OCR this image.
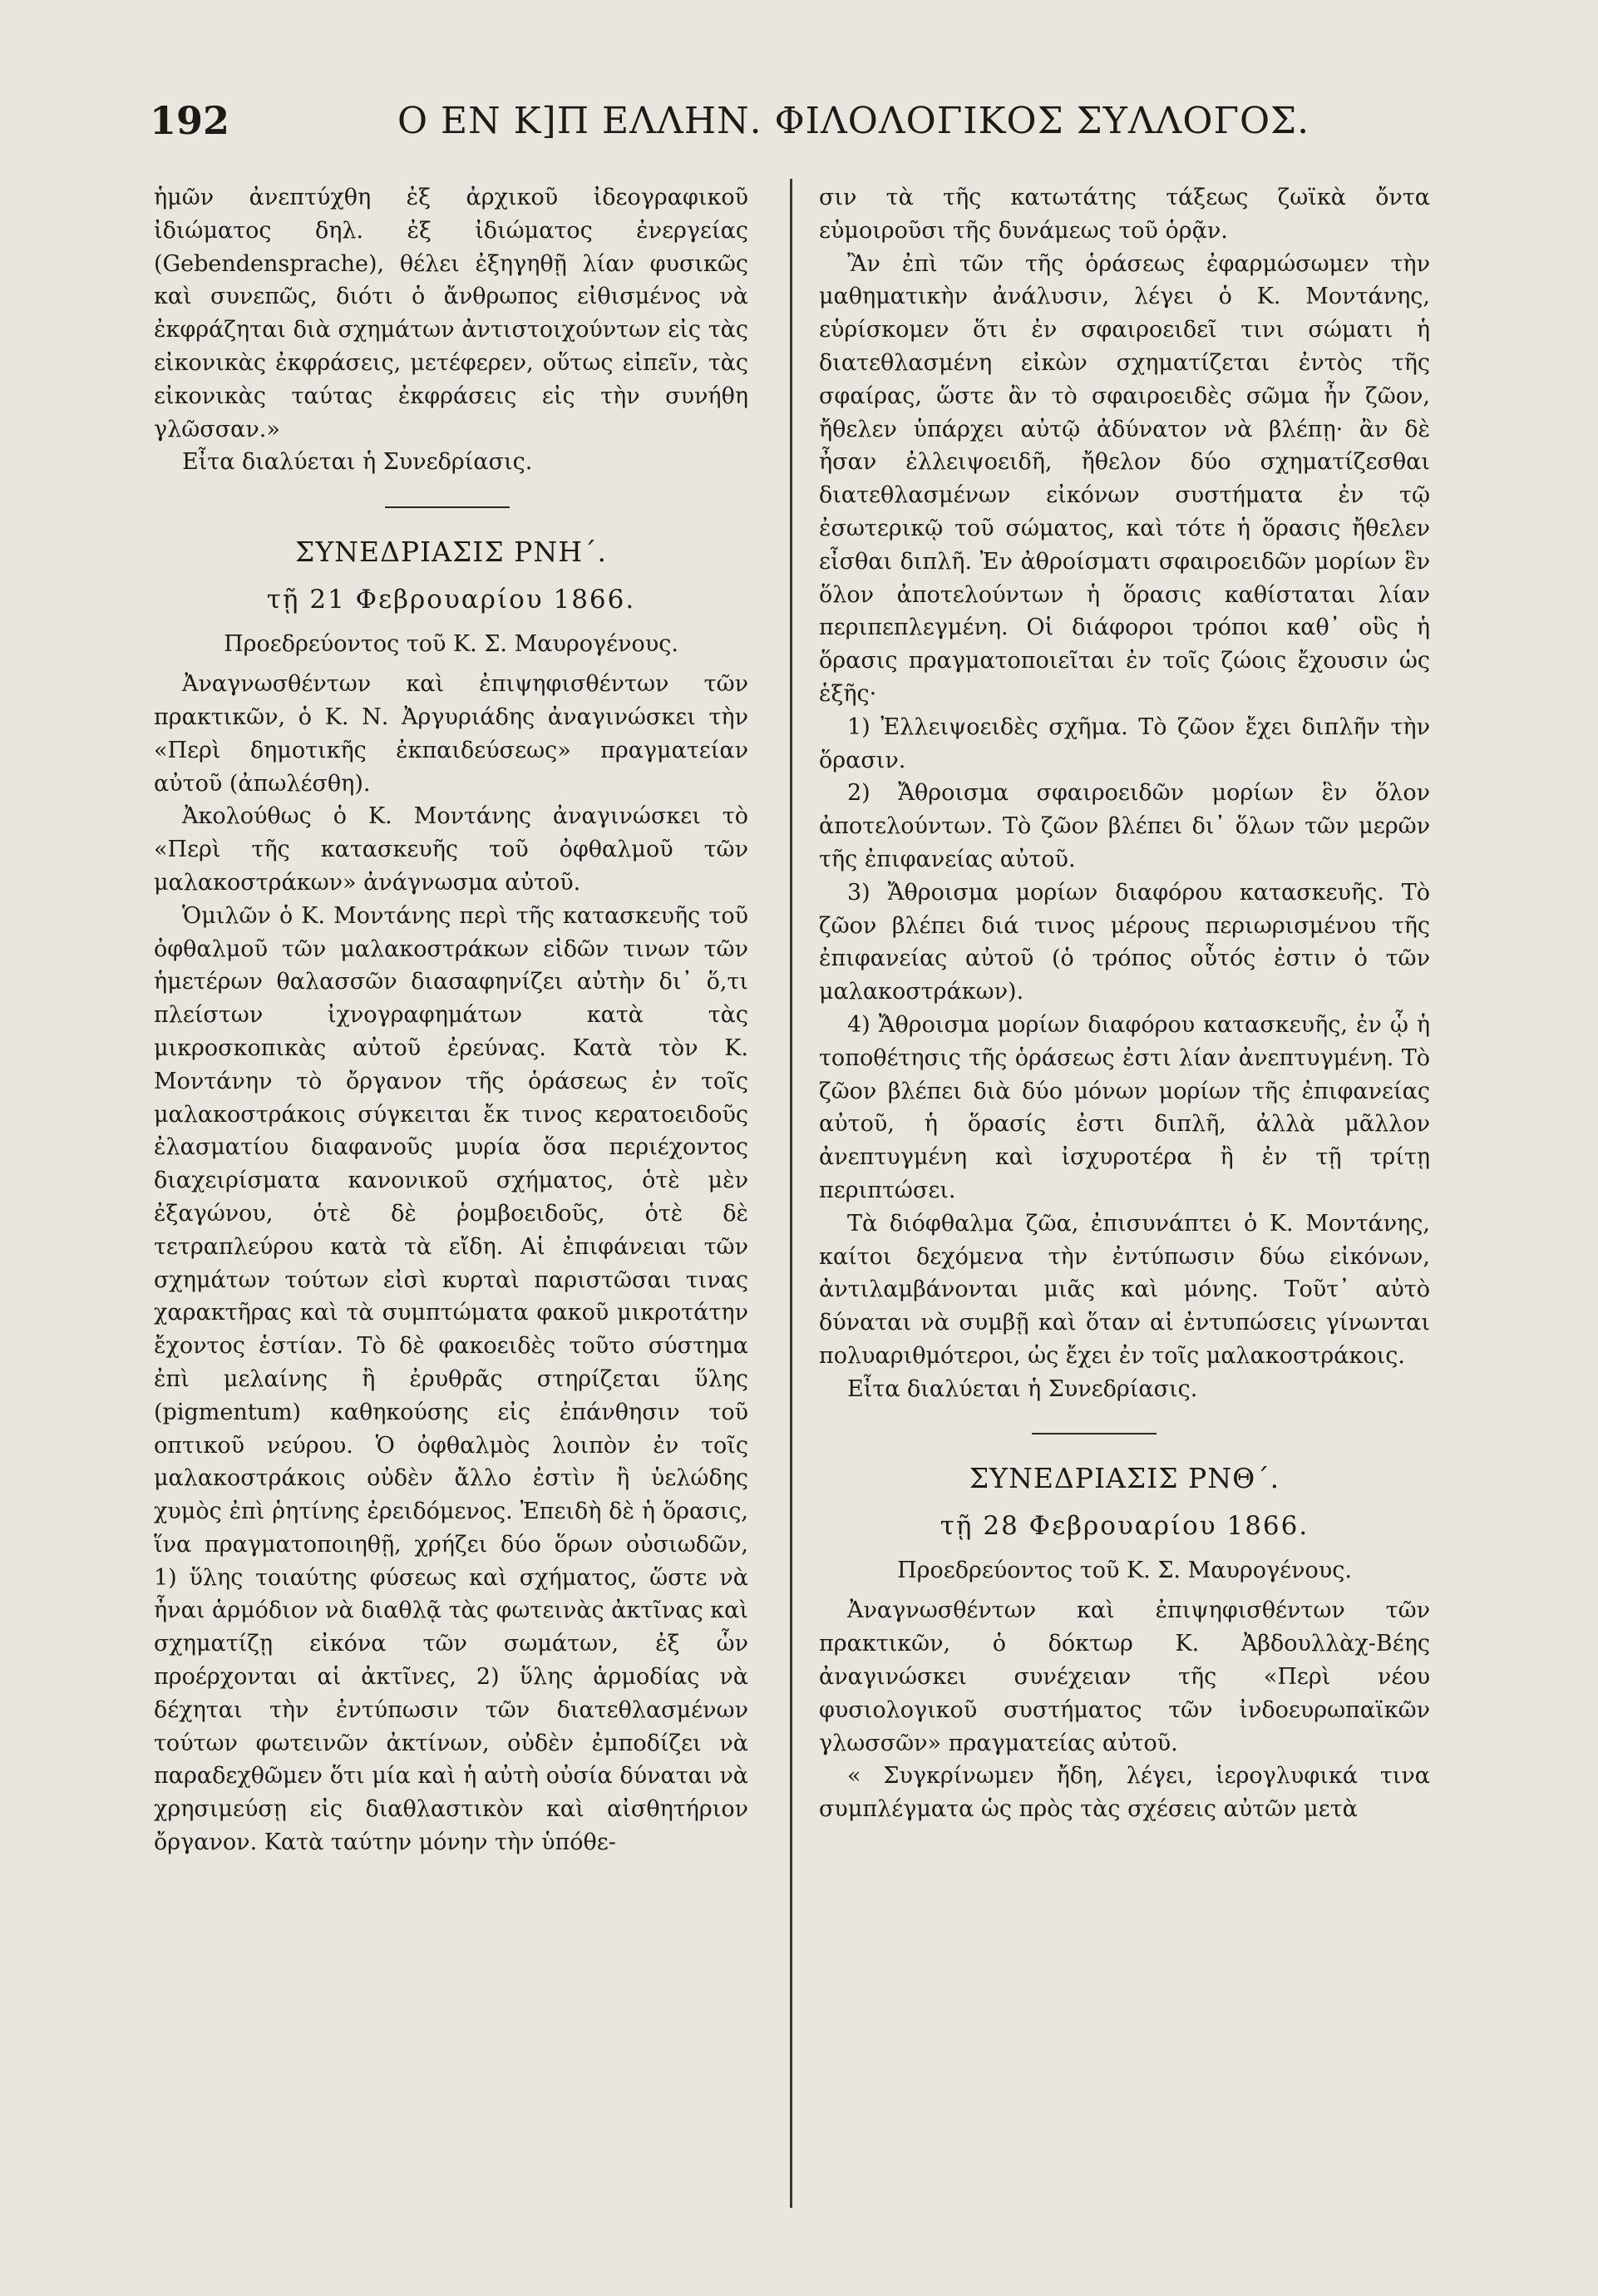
192	Ο ΕΝ Κ]Π ΕΛΛΗΝ. ΦΙΛΟΛΟΓΙΚΟΣ ΣΥΛΛΟΓΟΣ.

ἡμῶν ἀνεπτύχθη ἐξ ἀρχικοῦ ἰδεογραφικοῦ ἰδιώματος δηλ. ἐξ ἰδιώματος ἐνεργείας (Gebendensprache), θέλει ἐξηγηθῇ λίαν φυσικῶς καὶ συνεπῶς, διότι ὁ ἄνθρωπος εἰθισμένος νὰ ἐκφράζηται διὰ σχημάτων ἀντιστοιχούντων εἰς τὰς εἰκονικὰς ἐκφράσεις, μετέφερεν, οὕτως εἰπεῖν, τὰς εἰκονικὰς ταύτας ἐκφράσεις εἰς τὴν συνήθη γλῶσσαν.»

Εἶτα διαλύεται ἡ Συνεδρίασις.

ΣΥΝΕΔΡΙΑΣΙΣ ΡΝΗ΄.
τῇ 21 Φεβρουαρίου 1866.
Προεδρεύοντος τοῦ Κ. Σ. Μαυρογένους.

Ἀναγνωσθέντων καὶ ἐπιψηφισθέντων τῶν πρακτικῶν, ὁ Κ. Ν. Ἀργυριάδης ἀναγινώσκει τὴν «Περὶ δημοτικῆς ἐκπαιδεύσεως» πραγματείαν αὐτοῦ (ἀπωλέσθη).

Ἀκολούθως ὁ Κ. Μοντάνης ἀναγινώσκει τὸ «Περὶ τῆς κατασκευῆς τοῦ ὀφθαλμοῦ τῶν μαλακοστράκων» ἀνάγνωσμα αὐτοῦ.

Ὁμιλῶν ὁ Κ. Μοντάνης περὶ τῆς κατασκευῆς τοῦ ὀφθαλμοῦ τῶν μαλακοστράκων εἰδῶν τινων τῶν ἡμετέρων θαλασσῶν διασαφηνίζει αὐτὴν δι᾽ ὅ,τι πλείστων ἰχνογραφημάτων κατὰ τὰς μικροσκοπικὰς αὐτοῦ ἐρεύνας. Κατὰ τὸν Κ. Μοντάνην τὸ ὄργανον τῆς ὁράσεως ἐν τοῖς μαλακοστράκοις σύγκειται ἔκ τινος κερατοειδοῦς ἐλασματίου διαφανοῦς μυρία ὅσα περιέχοντος διαχειρίσματα κανονικοῦ σχήματος, ὁτὲ μὲν ἐξαγώνου, ὁτὲ δὲ ῥομβοειδοῦς, ὁτὲ δὲ τετραπλεύρου κατὰ τὰ εἴδη. Αἱ ἐπιφάνειαι τῶν σχημάτων τούτων εἰσὶ κυρταὶ παριστῶσαι τινας χαρακτῆρας καὶ τὰ συμπτώματα φακοῦ μικροτάτην ἔχοντος ἑστίαν. Τὸ δὲ φακοειδὲς τοῦτο σύστημα ἐπὶ μελαίνης ἢ ἐρυθρᾶς στηρίζεται ὕλης (pigmentum) καθηκούσης εἰς ἐπάνθησιν τοῦ οπτικοῦ νεύρου. Ὁ ὀφθαλμὸς λοιπὸν ἐν τοῖς μαλακοστράκοις οὐδὲν ἄλλο ἐστὶν ἢ ὑελώδης χυμὸς ἐπὶ ῥητίνης ἐρειδόμενος. Ἐπειδὴ δὲ ἡ ὅρασις, ἵνα πραγματοποιηθῇ, χρήζει δύο ὅρων οὐσιωδῶν, 1) ὕλης τοιαύτης φύσεως καὶ σχήματος, ὥστε νὰ ἦναι ἁρμόδιον νὰ διαθλᾷ τὰς φωτεινὰς ἀκτῖνας καὶ σχηματίζῃ εἰκόνα τῶν σωμάτων, ἐξ ὧν προέρχονται αἱ ἀκτῖνες, 2) ὕλης ἁρμοδίας νὰ δέχηται τὴν ἐντύπωσιν τῶν διατεθλασμένων τούτων φωτεινῶν ἀκτίνων, οὐδὲν ἐμποδίζει νὰ παραδεχθῶμεν ὅτι μία καὶ ἡ αὐτὴ οὐσία δύναται νὰ χρησιμεύσῃ εἰς διαθλαστικὸν καὶ αἰσθητήριον ὄργανον. Κατὰ ταύτην μόνην τὴν ὑπόθε-

σιν τὰ τῆς κατωτάτης τάξεως ζωϊκὰ ὄντα εὐμοιροῦσι τῆς δυνάμεως τοῦ ὁρᾷν.

Ἂν ἐπὶ τῶν τῆς ὁράσεως ἐφαρμώσωμεν τὴν μαθηματικὴν ἀνάλυσιν, λέγει ὁ Κ. Μοντάνης, εὑρίσκομεν ὅτι ἐν σφαιροειδεῖ τινι σώματι ἡ διατεθλασμένη εἰκὼν σχηματίζεται ἐντὸς τῆς σφαίρας, ὥστε ἂν τὸ σφαιροειδὲς σῶμα ἦν ζῶον, ἤθελεν ὑπάρχει αὐτῷ ἀδύνατον νὰ βλέπῃ· ἂν δὲ ἦσαν ἐλλειψοειδῆ, ἤθελον δύο σχηματίζεσθαι διατεθλασμένων εἰκόνων συστήματα ἐν τῷ ἐσωτερικῷ τοῦ σώματος, καὶ τότε ἡ ὅρασις ἤθελεν εἶσθαι διπλῆ. Ἐν ἀθροίσματι σφαιροειδῶν μορίων ἓν ὅλον ἀποτελούντων ἡ ὅρασις καθίσταται λίαν περιπεπλεγμένη. Οἱ διάφοροι τρόποι καθ᾽ οὓς ἡ ὅρασις πραγματοποιεῖται ἐν τοῖς ζώοις ἔχουσιν ὡς ἑξῆς·

1) Ἐλλειψοειδὲς σχῆμα. Τὸ ζῶον ἔχει διπλῆν τὴν ὅρασιν.

2) Ἄθροισμα σφαιροειδῶν μορίων ἓν ὅλον ἀποτελούντων. Τὸ ζῶον βλέπει δι᾽ ὅλων τῶν μερῶν τῆς ἐπιφανείας αὐτοῦ.

3) Ἄθροισμα μορίων διαφόρου κατασκευῆς. Τὸ ζῶον βλέπει διά τινος μέρους περιωρισμένου τῆς ἐπιφανείας αὐτοῦ (ὁ τρόπος οὗτός ἐστιν ὁ τῶν μαλακοστράκων).

4) Ἄθροισμα μορίων διαφόρου κατασκευῆς, ἐν ᾧ ἡ τοποθέτησις τῆς ὁράσεως ἐστι λίαν ἀνεπτυγμένη. Τὸ ζῶον βλέπει διὰ δύο μόνων μορίων τῆς ἐπιφανείας αὐτοῦ, ἡ ὅρασίς ἐστι διπλῆ, ἀλλὰ μᾶλλον ἀνεπτυγμένη καὶ ἰσχυροτέρα ἢ ἐν τῇ τρίτῃ περιπτώσει.

Τὰ διόφθαλμα ζῶα, ἐπισυνάπτει ὁ Κ. Μοντάνης, καίτοι δεχόμενα τὴν ἐντύπωσιν δύω εἰκόνων, ἀντιλαμβάνονται μιᾶς καὶ μόνης. Τοῦτ᾽ αὐτὸ δύναται νὰ συμβῇ καὶ ὅταν αἱ ἐντυπώσεις γίνωνται πολυαριθμότεροι, ὡς ἔχει ἐν τοῖς μαλακοστράκοις.

Εἶτα διαλύεται ἡ Συνεδρίασις.

ΣΥΝΕΔΡΙΑΣΙΣ ΡΝΘ΄.
τῇ 28 Φεβρουαρίου 1866.
Προεδρεύοντος τοῦ Κ. Σ. Μαυρογένους.

Ἀναγνωσθέντων καὶ ἐπιψηφισθέντων τῶν πρακτικῶν, ὁ δόκτωρ Κ. Ἀβδουλλὰχ-Βέης ἀναγινώσκει συνέχειαν τῆς «Περὶ νέου φυσιολογικοῦ συστήματος τῶν ἰνδοευρωπαϊκῶν γλωσσῶν» πραγματείας αὐτοῦ.

« Συγκρίνωμεν ἤδη, λέγει, ἱερογλυφικά τινα συμπλέγματα ὡς πρὸς τὰς σχέσεις αὐτῶν μετὰ
